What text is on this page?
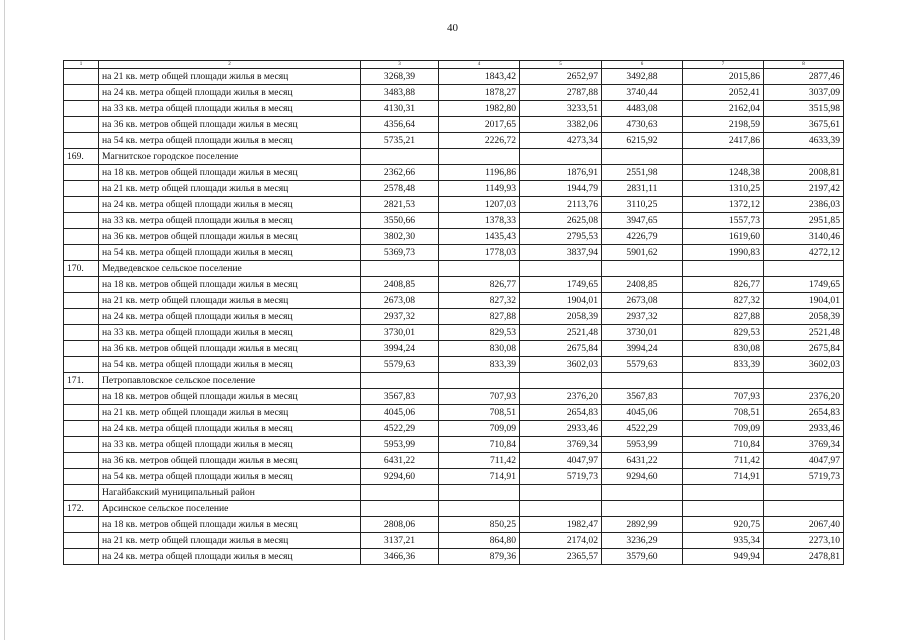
40
1	2	3	4	5	6	7	8
	на 21 кв. метр общей площади жилья в месяц	3268,39	1843,42	2652,97	3492,88	2015,86	2877,46
	на 24 кв. метра общей площади жилья в месяц	3483,88	1878,27	2787,88	3740,44	2052,41	3037,09
	на 33 кв. метра общей площади жилья в месяц	4130,31	1982,80	3233,51	4483,08	2162,04	3515,98
	на 36 кв. метров общей площади жилья в месяц	4356,64	2017,65	3382,06	4730,63	2198,59	3675,61
	на 54 кв. метра общей площади жилья в месяц	5735,21	2226,72	4273,34	6215,92	2417,86	4633,39
169.	Магнитское городское поселение						
	на 18 кв. метров общей площади жилья в месяц	2362,66	1196,86	1876,91	2551,98	1248,38	2008,81
	на 21 кв. метр общей площади жилья в месяц	2578,48	1149,93	1944,79	2831,11	1310,25	2197,42
	на 24 кв. метра общей площади жилья в месяц	2821,53	1207,03	2113,76	3110,25	1372,12	2386,03
	на 33 кв. метра общей площади жилья в месяц	3550,66	1378,33	2625,08	3947,65	1557,73	2951,85
	на 36 кв. метров общей площади жилья в месяц	3802,30	1435,43	2795,53	4226,79	1619,60	3140,46
	на 54 кв. метра общей площади жилья в месяц	5369,73	1778,03	3837,94	5901,62	1990,83	4272,12
170.	Медведевское сельское поселение						
	на 18 кв. метров общей площади жилья в месяц	2408,85	826,77	1749,65	2408,85	826,77	1749,65
	на 21 кв. метр общей площади жилья в месяц	2673,08	827,32	1904,01	2673,08	827,32	1904,01
	на 24 кв. метра общей площади жилья в месяц	2937,32	827,88	2058,39	2937,32	827,88	2058,39
	на 33 кв. метра общей площади жилья в месяц	3730,01	829,53	2521,48	3730,01	829,53	2521,48
	на 36 кв. метров общей площади жилья в месяц	3994,24	830,08	2675,84	3994,24	830,08	2675,84
	на 54 кв. метра общей площади жилья в месяц	5579,63	833,39	3602,03	5579,63	833,39	3602,03
171.	Петропавловское сельское поселение						
	на 18 кв. метров общей площади жилья в месяц	3567,83	707,93	2376,20	3567,83	707,93	2376,20
	на 21 кв. метр общей площади жилья в месяц	4045,06	708,51	2654,83	4045,06	708,51	2654,83
	на 24 кв. метра общей площади жилья в месяц	4522,29	709,09	2933,46	4522,29	709,09	2933,46
	на 33 кв. метра общей площади жилья в месяц	5953,99	710,84	3769,34	5953,99	710,84	3769,34
	на 36 кв. метров общей площади жилья в месяц	6431,22	711,42	4047,97	6431,22	711,42	4047,97
	на 54 кв. метра общей площади жилья в месяц	9294,60	714,91	5719,73	9294,60	714,91	5719,73
	Нагайбакский муниципальный район						
172.	Арсинское сельское поселение						
	на 18 кв. метров общей площади жилья в месяц	2808,06	850,25	1982,47	2892,99	920,75	2067,40
	на 21 кв. метр общей площади жилья в месяц	3137,21	864,80	2174,02	3236,29	935,34	2273,10
	на 24 кв. метра общей площади жилья в месяц	3466,36	879,36	2365,57	3579,60	949,94	2478,81
